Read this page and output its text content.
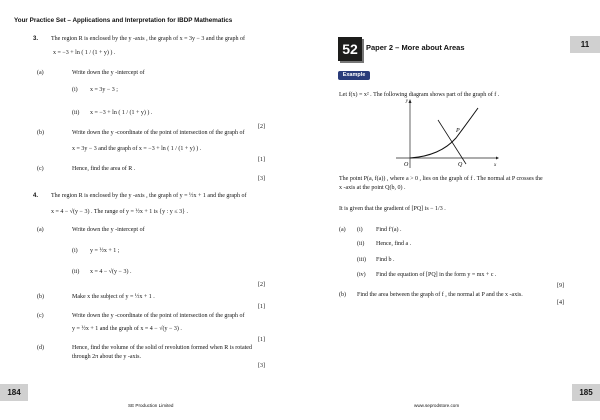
Your Practice Set – Applications and Interpretation for IBDP Mathematics
52	Paper 2 – More about Areas	11
Example
3. The region R is enclosed by the y -axis , the graph of x = 3y − 3 and the graph of
x = −3 + ln ( 1 / (1 + y) ) .
(a)	Write down the y -intercept of
(i) x = 3y − 3 ;
(ii) x = −3 + ln ( 1 / (1 + y) ) .
[2]
(b)	Write down the y -coordinate of the point of intersection of the graph of
x = 3y − 3 and the graph of x = −3 + ln ( 1 / (1 + y) ) .
[1]
(c)	Hence, find the area of R .
[3]
4. The region R is enclosed by the y -axis , the graph of y = ½x + 1 and the graph of
x = 4 − √(y − 3) . The range of y = ½x + 1 is {y : y ≤ 3} .
(a)	Write down the y -intercept of
(i) y = ½x + 1 ;
(ii) x = 4 − √(y − 3) .
[2]
(b)	Make x the subject of y = ½x + 1 .
[1]
(c)	Write down the y -coordinate of the point of intersection of the graph of
y = ½x + 1 and the graph of x = 4 − √(y − 3) .
[1]
(d)	Hence, find the volume of the solid of revolution formed when R is rotated
through 2π about the y -axis.
[3]
Let f(x) = x² . The following diagram shows part of the graph of f .
y
x
O
P
Q
The point P(a, f(a)) , where a > 0 , lies on the graph of f . The normal at P crosses the
x -axis at the point Q(b, 0) .
It is given that the gradient of [PQ] is − 1/3 .
(a) (i) Find f′(a) .
(ii) Hence, find a .
(iii) Find b .
(iv) Find the equation of [PQ] in the form y = mx + c .
[9]
(b) Find the area between the graph of f , the normal at P and the x -axis.
[4]
184
SE Production Limited	www.seprodstore.com
185
